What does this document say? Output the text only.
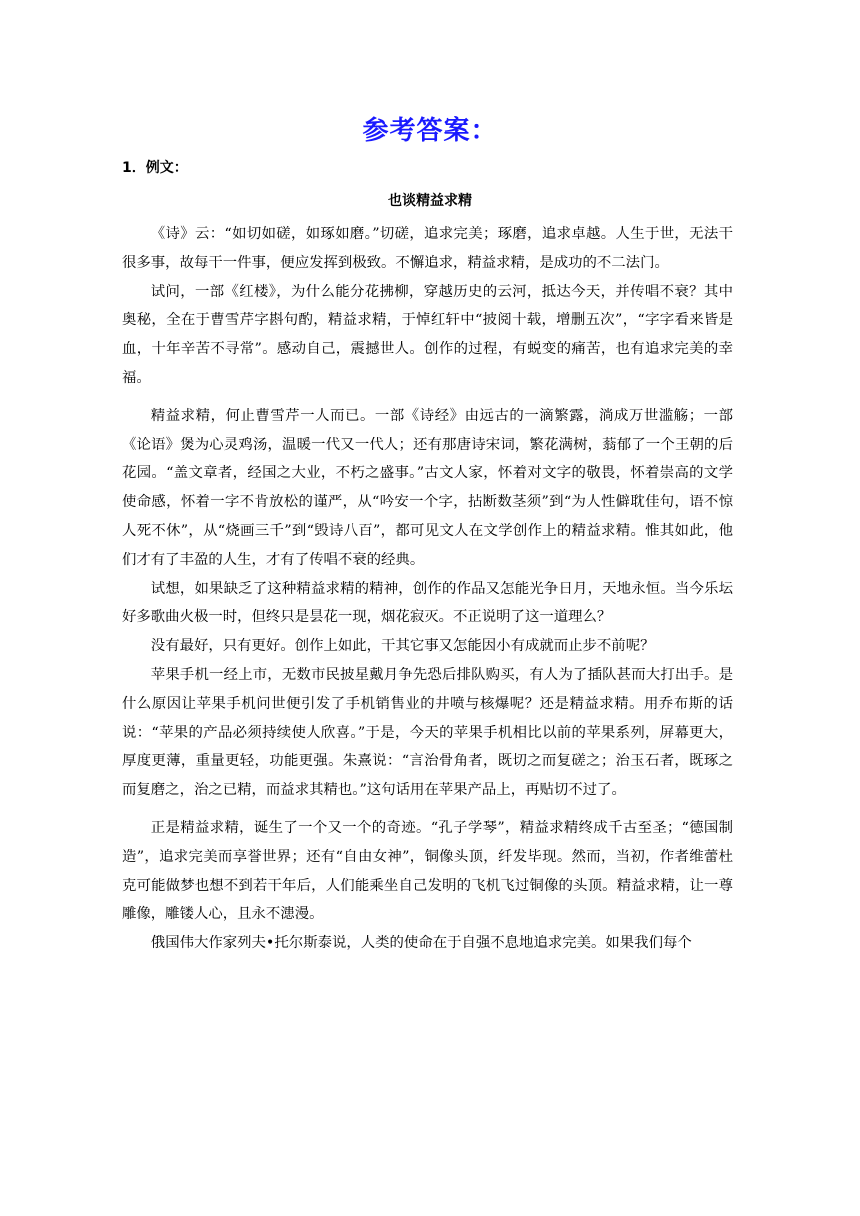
参考答案：
1．例文：
也谈精益求精

《诗》云：“如切如磋，如琢如磨。”切磋，追求完美；琢磨，追求卓越。人生于世，无法干很多事，故每干一件事，便应发挥到极致。不懈追求，精益求精，是成功的不二法门。

试问，一部《红楼》，为什么能分花拂柳，穿越历史的云河，抵达今天，并传唱不衰？其中奥秘，全在于曹雪芹字斟句酌，精益求精，于悼红轩中“披阅十载，增删五次”，“字字看来皆是血，十年辛苦不寻常”。感动自己，震撼世人。创作的过程，有蜕变的痛苦，也有追求完美的幸福。

精益求精，何止曹雪芹一人而已。一部《诗经》由远古的一滴繁露，淌成万世滥觞；一部《论语》煲为心灵鸡汤，温暖一代又一代人；还有那唐诗宋词，繁花满树，蓊郁了一个王朝的后花园。“盖文章者，经国之大业，不朽之盛事。”古文人家，怀着对文字的敬畏，怀着崇高的文学使命感，怀着一字不肯放松的谨严，从“吟安一个字，拈断数茎须”到“为人性僻耽佳句，语不惊人死不休”，从“烧画三千”到“毁诗八百”，都可见文人在文学创作上的精益求精。惟其如此，他们才有了丰盈的人生，才有了传唱不衰的经典。

试想，如果缺乏了这种精益求精的精神，创作的作品又怎能光争日月，天地永恒。当今乐坛好多歌曲火极一时，但终只是昙花一现，烟花寂灭。不正说明了这一道理么？

没有最好，只有更好。创作上如此，干其它事又怎能因小有成就而止步不前呢？

苹果手机一经上市，无数市民披星戴月争先恐后排队购买，有人为了插队甚而大打出手。是什么原因让苹果手机问世便引发了手机销售业的井喷与核爆呢？还是精益求精。用乔布斯的话说：“苹果的产品必须持续使人欣喜。”于是，今天的苹果手机相比以前的苹果系列，屏幕更大，厚度更薄，重量更轻，功能更强。朱熹说：“言治骨角者，既切之而复磋之；治玉石者，既琢之而复磨之，治之已精，而益求其精也。”这句话用在苹果产品上，再贴切不过了。

正是精益求精，诞生了一个又一个的奇迹。“孔子学琴”，精益求精终成千古至圣；“德国制造”，追求完美而享誉世界；还有“自由女神”，铜像头顶，纤发毕现。然而，当初，作者维蕾杜克可能做梦也想不到若干年后，人们能乘坐自己发明的飞机飞过铜像的头顶。精益求精，让一尊雕像，雕镂人心，且永不漶漫。

俄国伟大作家列夫•托尔斯泰说，人类的使命在于自强不息地追求完美。如果我们每个
